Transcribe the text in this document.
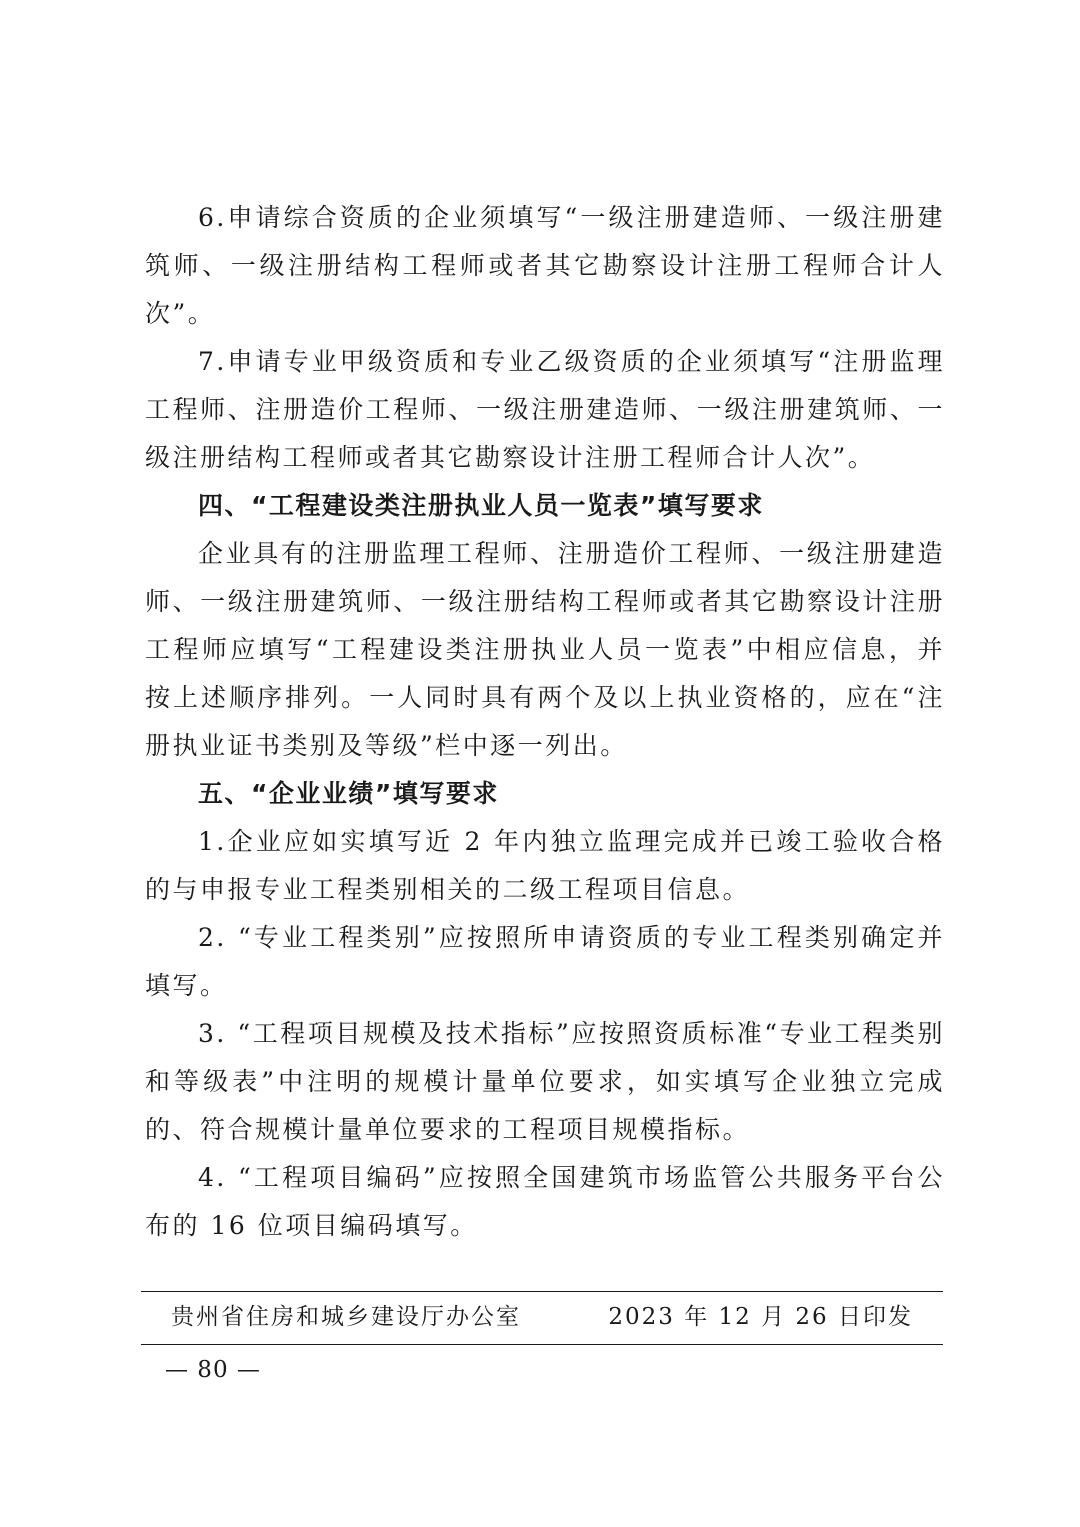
6.申请综合资质的企业须填写“一级注册建造师、一级注册建筑师、一级注册结构工程师或者其它勘察设计注册工程师合计人次”。

7.申请专业甲级资质和专业乙级资质的企业须填写“注册监理工程师、注册造价工程师、一级注册建造师、一级注册建筑师、一级注册结构工程师或者其它勘察设计注册工程师合计人次”。

四、“工程建设类注册执业人员一览表”填写要求

企业具有的注册监理工程师、注册造价工程师、一级注册建造师、一级注册建筑师、一级注册结构工程师或者其它勘察设计注册工程师应填写“工程建设类注册执业人员一览表”中相应信息，并按上述顺序排列。一人同时具有两个及以上执业资格的，应在“注册执业证书类别及等级”栏中逐一列出。

五、“企业业绩”填写要求

1.企业应如实填写近 2 年内独立监理完成并已竣工验收合格的与申报专业工程类别相关的二级工程项目信息。

2. “专业工程类别”应按照所申请资质的专业工程类别确定并填写。

3. “工程项目规模及技术指标”应按照资质标准“专业工程类别和等级表”中注明的规模计量单位要求，如实填写企业独立完成的、符合规模计量单位要求的工程项目规模指标。

4. “工程项目编码”应按照全国建筑市场监管公共服务平台公布的 16 位项目编码填写。

贵州省住房和城乡建设厅办公室	2023 年 12 月 26 日印发
— 80 —
